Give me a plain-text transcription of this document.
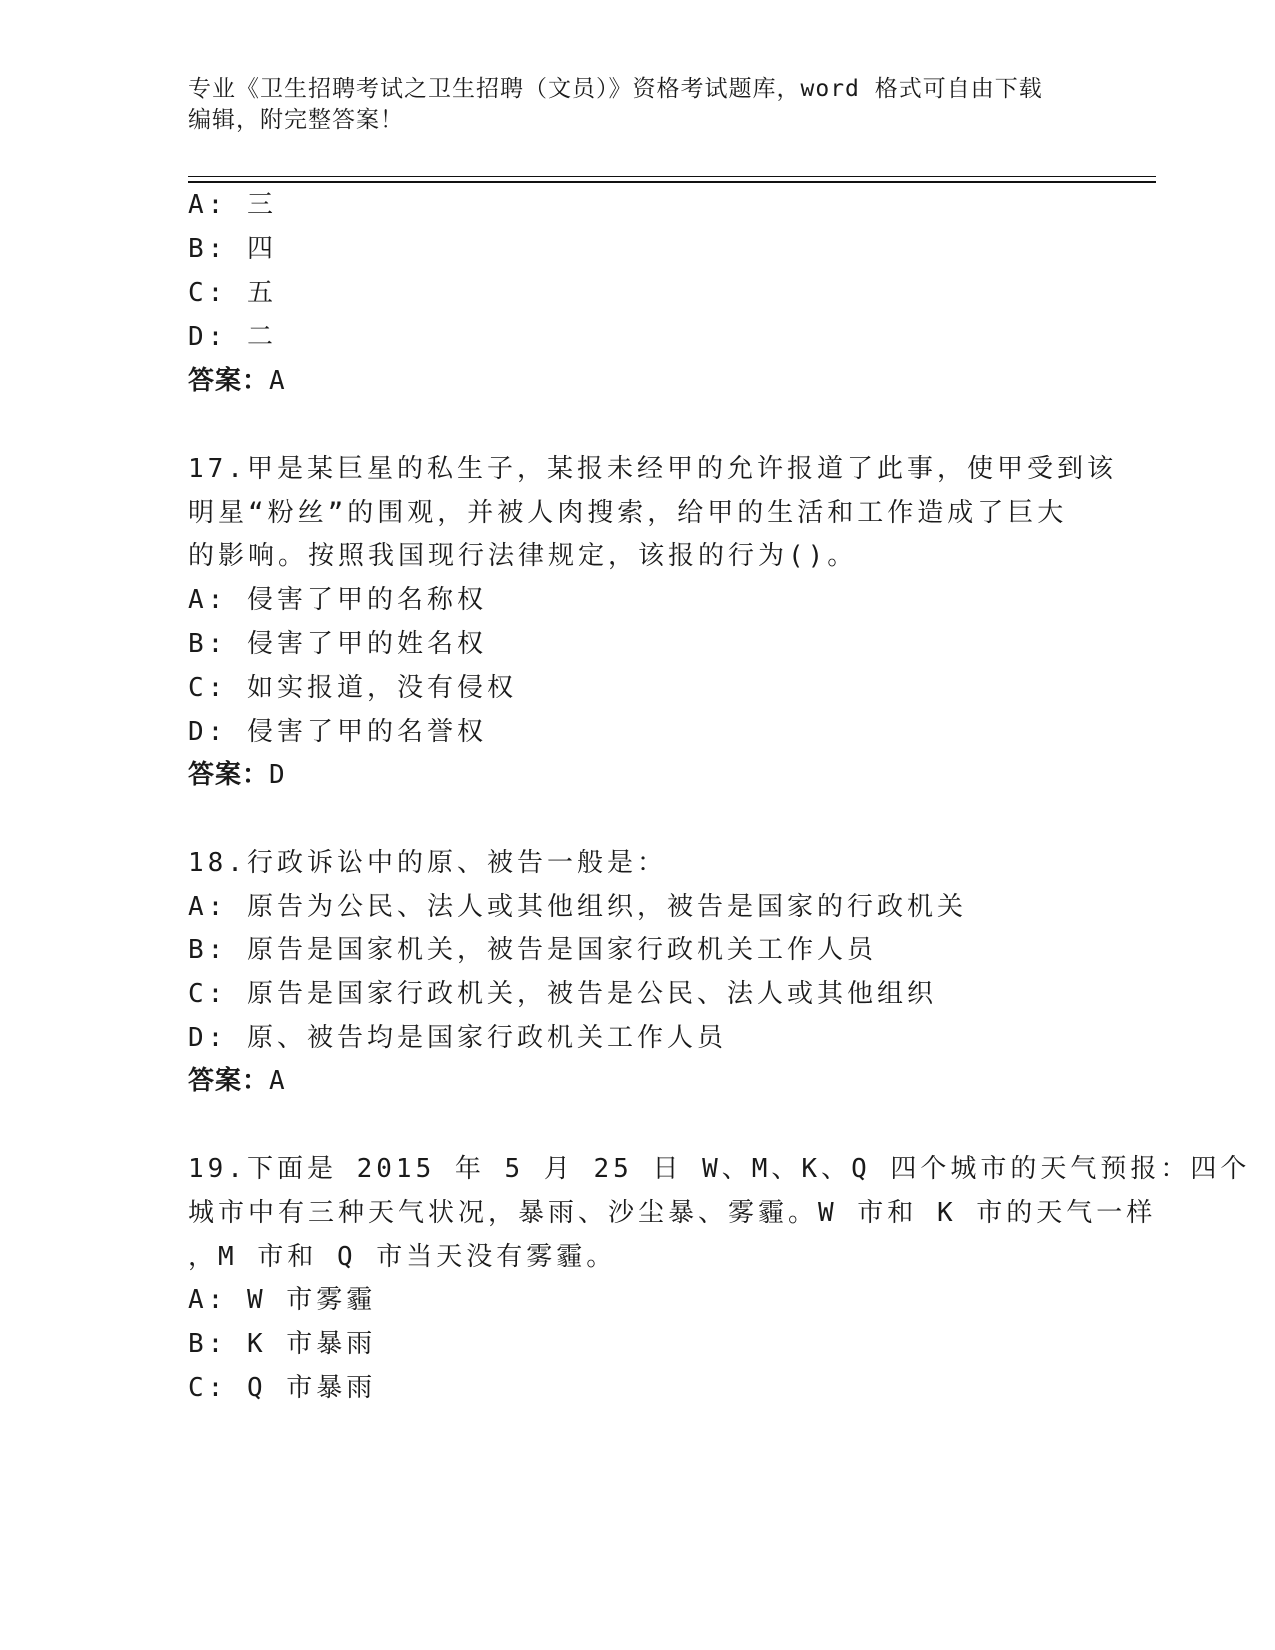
专业《卫生招聘考试之卫生招聘（文员）》资格考试题库，word 格式可自由下载
编辑，附完整答案！
A: 三
B: 四
C: 五
D: 二
答案：A
17.甲是某巨星的私生子，某报未经甲的允许报道了此事，使甲受到该
明星“粉丝”的围观，并被人肉搜索，给甲的生活和工作造成了巨大
的影响。按照我国现行法律规定，该报的行为()。
A: 侵害了甲的名称权
B: 侵害了甲的姓名权
C: 如实报道，没有侵权
D: 侵害了甲的名誉权
答案：D
18.行政诉讼中的原、被告一般是：
A: 原告为公民、法人或其他组织，被告是国家的行政机关
B: 原告是国家机关，被告是国家行政机关工作人员
C: 原告是国家行政机关，被告是公民、法人或其他组织
D: 原、被告均是国家行政机关工作人员
答案：A
19.下面是 2015 年 5 月 25 日 W、M、K、Q 四个城市的天气预报：四个
城市中有三种天气状况，暴雨、沙尘暴、雾霾。W 市和 K 市的天气一样
，M 市和 Q 市当天没有雾霾。
A: W 市雾霾
B: K 市暴雨
C: Q 市暴雨
